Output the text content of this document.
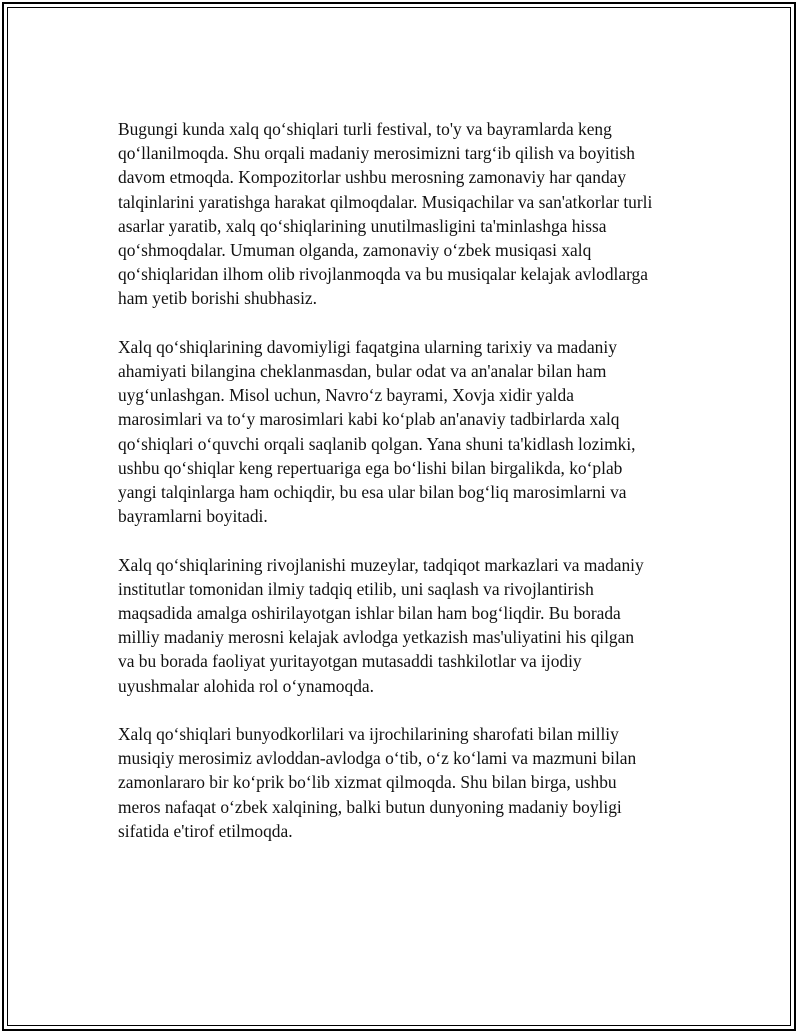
Bugungi kunda xalq qo‘shiqlari turli festival, to'y va bayramlarda keng
qo‘llanilmoqda. Shu orqali madaniy merosimizni targ‘ib qilish va boyitish
davom etmoqda. Kompozitorlar ushbu merosning zamonaviy har qanday
talqinlarini yaratishga harakat qilmoqdalar. Musiqachilar va san'atkorlar turli
asarlar yaratib, xalq qo‘shiqlarining unutilmasligini ta'minlashga hissa
qo‘shmoqdalar. Umuman olganda, zamonaviy o‘zbek musiqasi xalq
qo‘shiqlaridan ilhom olib rivojlanmoqda va bu musiqalar kelajak avlodlarga
ham yetib borishi shubhasiz.

Xalq qo‘shiqlarining davomiyligi faqatgina ularning tarixiy va madaniy
ahamiyati bilangina cheklanmasdan, bular odat va an'analar bilan ham
uyg‘unlashgan. Misol uchun, Navro‘z bayrami, Xovja xidir yalda
marosimlari va to‘y marosimlari kabi ko‘plab an'anaviy tadbirlarda xalq
qo‘shiqlari o‘quvchi orqali saqlanib qolgan. Yana shuni ta'kidlash lozimki,
ushbu qo‘shiqlar keng repertuariga ega bo‘lishi bilan birgalikda, ko‘plab
yangi talqinlarga ham ochiqdir, bu esa ular bilan bog‘liq marosimlarni va
bayramlarni boyitadi.

Xalq qo‘shiqlarining rivojlanishi muzeylar, tadqiqot markazlari va madaniy
institutlar tomonidan ilmiy tadqiq etilib, uni saqlash va rivojlantirish
maqsadida amalga oshirilayotgan ishlar bilan ham bog‘liqdir. Bu borada
milliy madaniy merosni kelajak avlodga yetkazish mas'uliyatini his qilgan
va bu borada faoliyat yuritayotgan mutasaddi tashkilotlar va ijodiy
uyushmalar alohida rol o‘ynamoqda.

Xalq qo‘shiqlari bunyodkorlilari va ijrochilarining sharofati bilan milliy
musiqiy merosimiz avloddan-avlodga o‘tib, o‘z ko‘lami va mazmuni bilan
zamonlararo bir ko‘prik bo‘lib xizmat qilmoqda. Shu bilan birga, ushbu
meros nafaqat o‘zbek xalqining, balki butun dunyoning madaniy boyligi
sifatida e'tirof etilmoqda.
